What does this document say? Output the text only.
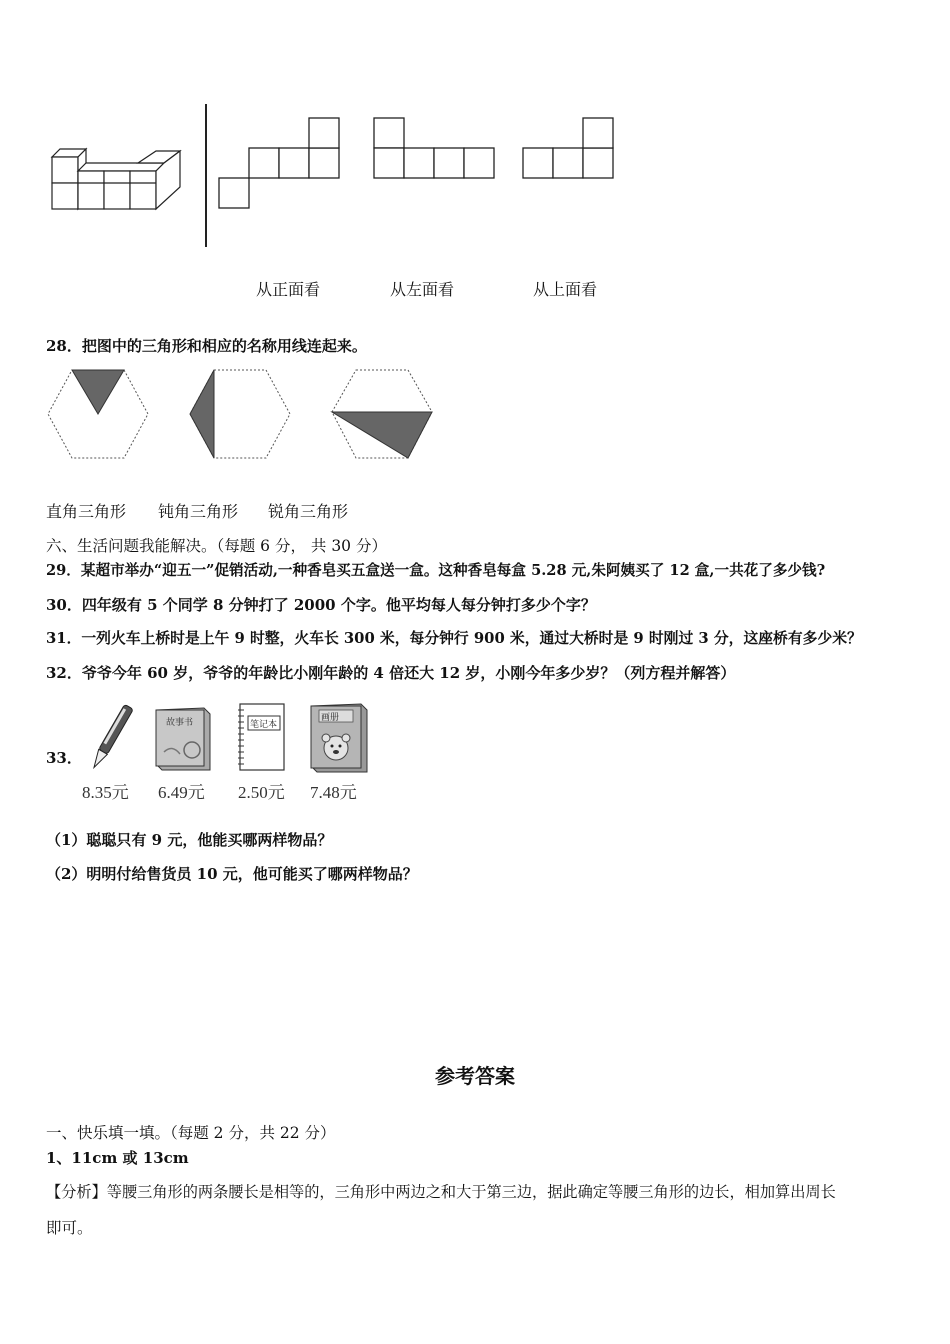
从正面看	从左面看	从上面看
28．把图中的三角形和相应的名称用线连起来。
直角三角形 钝角三角形 锐角三角形
六、生活问题我能解决。（每题 6 分， 共 30 分）
29．某超市举办“迎五一”促销活动,一种香皂买五盒送一盒。这种香皂每盒 5.28 元,朱阿姨买了 12 盒,一共花了多少钱?
30．四年级有 5 个同学 8 分钟打了 2000 个字。他平均每人每分钟打多少个字？
31．一列火车上桥时是上午 9 时整，火车长 300 米，每分钟行 900 米，通过大桥时是 9 时刚过 3 分，这座桥有多少米？
32．爷爷今年 60 岁，爷爷的年龄比小刚年龄的 4 倍还大 12 岁，小刚今年多少岁？（列方程并解答）
33．
故事书	笔记本
画册
8.35元 6.49元 2.50元 7.48元
（1）聪聪只有 9 元，他能买哪两样物品？
（2）明明付给售货员 10 元，他可能买了哪两样物品？
参考答案
一、快乐填一填。（每题 2 分，共 22 分）
1、11cm 或 13cm
【分析】等腰三角形的两条腰长是相等的，三角形中两边之和大于第三边，据此确定等腰三角形的边长，相加算出周长
即可。
